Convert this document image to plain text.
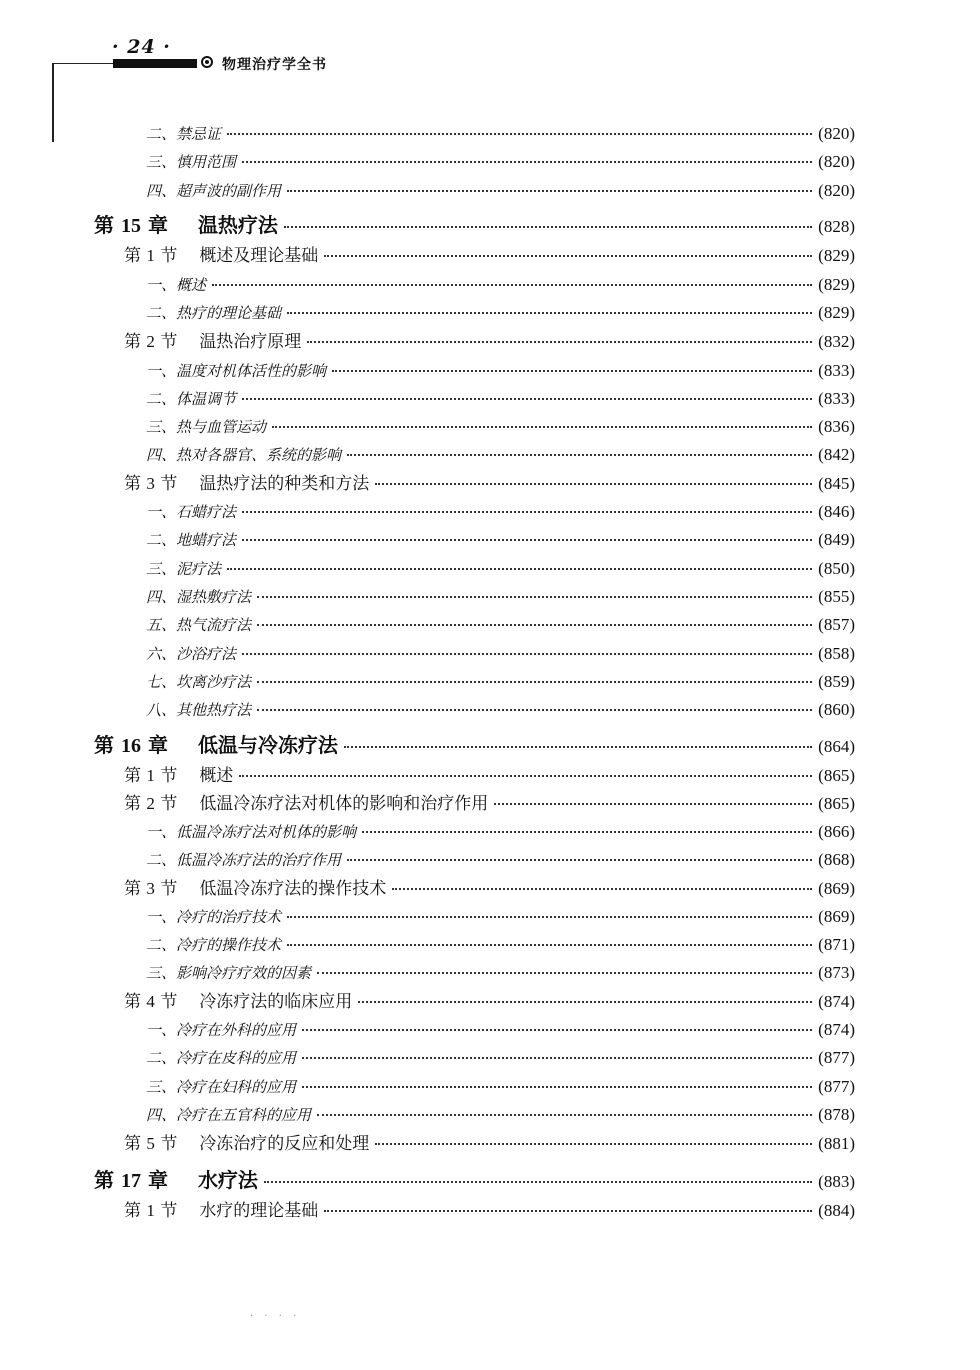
· 24 ·
物理治疗学全书
二、禁忌证	(820)
三、慎用范围	(820)
四、超声波的副作用	(820)
第 15 章 温热疗法	(828)
第 1 节 概述及理论基础	(829)
一、概述	(829)
二、热疗的理论基础	(829)
第 2 节 温热治疗原理	(832)
一、温度对机体活性的影响	(833)
二、体温调节	(833)
三、热与血管运动	(836)
四、热对各器官、系统的影响	(842)
第 3 节 温热疗法的种类和方法	(845)
一、石蜡疗法	(846)
二、地蜡疗法	(849)
三、泥疗法	(850)
四、湿热敷疗法	(855)
五、热气流疗法	(857)
六、沙浴疗法	(858)
七、坎离沙疗法	(859)
八、其他热疗法	(860)
第 16 章 低温与冷冻疗法	(864)
第 1 节 概述	(865)
第 2 节 低温冷冻疗法对机体的影响和治疗作用	(865)
一、低温冷冻疗法对机体的影响	(866)
二、低温冷冻疗法的治疗作用	(868)
第 3 节 低温冷冻疗法的操作技术	(869)
一、冷疗的治疗技术	(869)
二、冷疗的操作技术	(871)
三、影响冷疗疗效的因素	(873)
第 4 节 冷冻疗法的临床应用	(874)
一、冷疗在外科的应用	(874)
二、冷疗在皮科的应用	(877)
三、冷疗在妇科的应用	(877)
四、冷疗在五官科的应用	(878)
第 5 节 冷冻治疗的反应和处理	(881)
第 17 章 水疗法	(883)
第 1 节 水疗的理论基础	(884)
· · · ·
